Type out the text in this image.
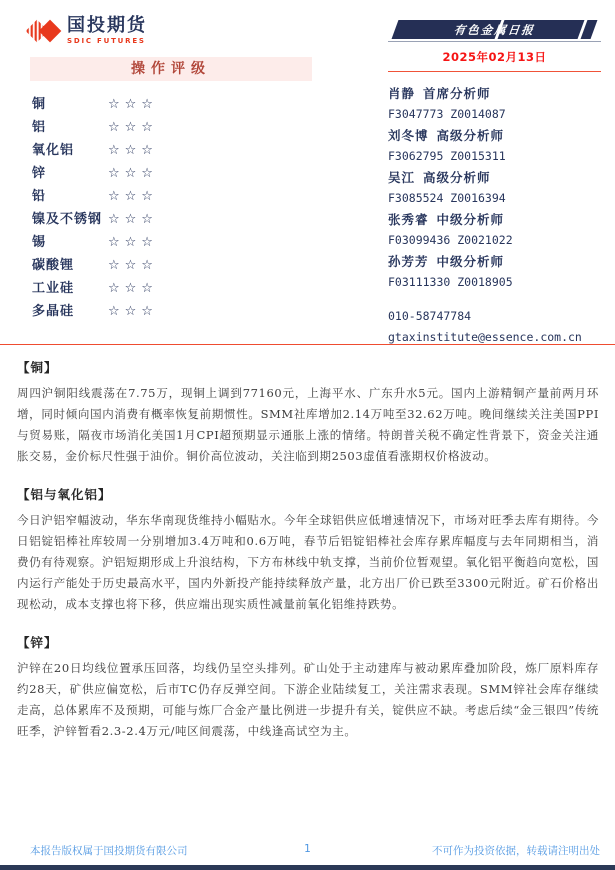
国投期货
SDIC FUTURES
有色金属日报
2025年02月13日
肖静 首席分析师
F3047773 Z0014087
刘冬博 高级分析师
F3062795 Z0015311
吴江 高级分析师
F3085524 Z0016394
张秀睿 中级分析师
F03099436 Z0021022
孙芳芳 中级分析师
F03111330 Z0018905
010-58747784
gtaxinstitute@essence.com.cn
操作评级
铜	☆☆☆
铝	☆☆☆
氧化铝	☆☆☆
锌	☆☆☆
铅	☆☆☆
镍及不锈钢 ☆☆☆
锡	☆☆☆
碳酸锂	☆☆☆
工业硅	☆☆☆
多晶硅	☆☆☆
【铜】
周四沪铜阳线震荡在7.75万，现铜上调到77160元，上海平水、广东升水5元。国内上游精铜产量前两月环增，同时倾向国内消费有概率恢复前期惯性。SMM社库增加2.14万吨至32.62万吨。晚间继续关注美国PPI与贸易账，隔夜市场消化美国1月CPI超预期显示通胀上涨的情绪。特朗普关税不确定性背景下，资金关注通胀交易，金价标尺性强于油价。铜价高位波动，关注临到期2503虚值看涨期权价格波动。
【铝与氧化铝】
今日沪铝窄幅波动，华东华南现货维持小幅贴水。今年全球铝供应低增速情况下，市场对旺季去库有期待。今日铝锭铝棒社库较周一分别增加3.4万吨和0.6万吨，春节后铝锭铝棒社会库存累库幅度与去年同期相当，消费仍有待观察。沪铝短期形成上升浪结构，下方布林线中轨支撑，当前价位暂观望。氧化铝平衡趋向宽松，国内运行产能处于历史最高水平，国内外新投产能持续释放产量，北方出厂价已跌至3300元附近。矿石价格出现松动，成本支撑也将下移，供应端出现实质性减量前氧化铝维持跌势。
【锌】
沪锌在20日均线位置承压回落，均线仍呈空头排列。矿山处于主动建库与被动累库叠加阶段，炼厂原料库存约28天，矿供应偏宽松，后市TC仍存反弹空间。下游企业陆续复工，关注需求表现。SMM锌社会库存继续走高，总体累库不及预期，可能与炼厂合金产量比例进一步提升有关，锭供应不缺。考虑后续“金三银四”传统旺季，沪锌暂看2.3-2.4万元/吨区间震荡，中线逢高试空为主。
本报告版权属于国投期货有限公司	1	不可作为投资依据，转载请注明出处
